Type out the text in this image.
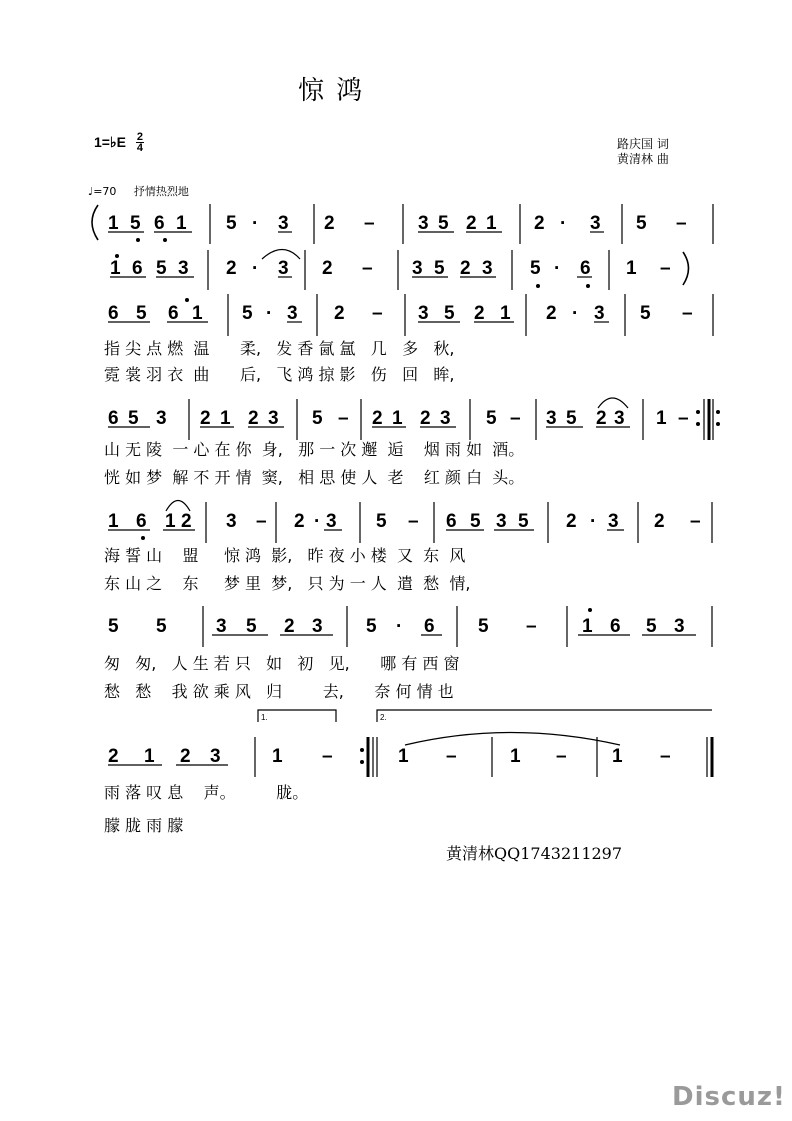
惊 鸿
1=♭E 2
4	路庆国 词
黄清林 曲
♩=70 抒情热烈地
1.	2.
1 5 6 1 5 · 3 2 – 3 5 2 1 2 · 3 5 –
1 6 5 3 2 · 3 2 – 3 5 2 3 5 · 6 1 –
6 5 6 1 5 · 3 2 – 3 5 2 1 2 · 3 5 –
6 5 3 2 1 2 3 5 – 2 1 2 3 5 – 3 5 2 3 1 –
1 6 1 2 3 – 2 · 3 5 – 6 5 3 5 2 · 3 2 –
5 5	3 5 2 3 5 · 6 5 – 1 6 5 3
2 1 2 3	1 –	1 –	1 – 1 –
指 尖 点 燃  温      柔,   发 香 氤 氲   几   多   秋,
霓 裳 羽 衣  曲      后,   飞 鸿 掠 影   伤   回   眸,
山 无 陵  一 心 在 你  身,   那 一 次 邂  逅    烟 雨 如  酒。
恍 如 梦  解 不 开 情  窦,   相 思 使 人  老    红 颜 白  头。
海 誓 山    盟     惊 鸿  影,   昨 夜 小 楼  又  东  风
东 山 之    东     梦 里  梦,   只 为 一 人  遣  愁  情,
匆   匆,   人 生 若 只   如   初   见,      哪 有 西 窗
愁   愁    我 欲 乘 风   归        去,      奈 何 情 也
雨 落 叹 息    声。        胧。
朦 胧 雨 朦
黄清林QQ1743211297
Discuz!
